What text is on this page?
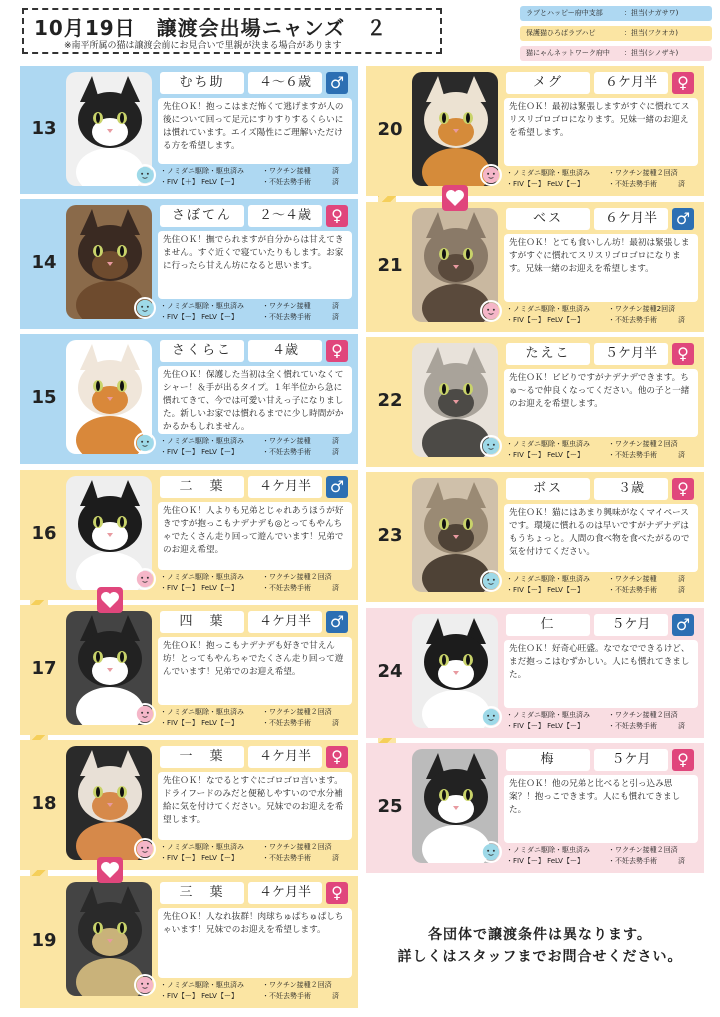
10月19日　譲渡会出場ニャンズ　２
※南平所属の猫は譲渡会前にお見合いで里親が決まる場合があります
ラブとハッピー府中支部	：担当(ナガサワ)
保護猫ひろばラブハピ	：担当(フクオカ)
猫にゃんネットワーク府中 ：担当(シノザキ)
13
むち助	４〜６歳	♂
先住ＯＫ！抱っこはまだ怖くて逃げますが人の後について回って足元にすりすりするくらいには慣れています。エイズ陽性にご理解いただける方を希望します。
・ノミダニ駆除・駆虫済み	・ワクチン接種	済
・FIV【＋】 FeLV【ー】	・不妊去勢手術	済
14
さぼてん	２〜４歳	♀
先住ＯＫ！撫でられますが自分からは甘えてきません。すぐ近くで寝ていたりもします。お家に行ったら甘えん坊になると思います。
・ノミダニ駆除・駆虫済み	・ワクチン接種	済
・FIV【ー】 FeLV【ー】	・不妊去勢手術	済
15
さくらこ	４歳	♀
先住ＯＫ！保護した当初は全く慣れていなくてシャー！＆手が出るタイプ。１年半位から急に慣れてきて、今では可愛い甘えっ子になりました。新しいお家では慣れるまでに少し時間がかかるかもしれません。
・ノミダニ駆除・駆虫済み	・ワクチン接種	済
・FIV【ー】 FeLV【ー】	・不妊去勢手術	済
16
二　葉	４ケ月半	♂
先住ＯＫ！人よりも兄弟とじゃれあうほうが好きですが抱っこもナデナデも◎とってもやんちゃでたくさん走り回って遊んでいます！兄弟でのお迎え希望。
・ノミダニ駆除・駆虫済み	・ワクチン接種２回済
・FIV【ー】 FeLV【ー】	・不妊去勢手術	済
17
四　葉	４ケ月半	♂
先住ＯＫ！抱っこもナデナデも好きで甘えん坊！とってもやんちゃでたくさん走り回って遊んでいます！兄弟でのお迎え希望。
・ノミダニ駆除・駆虫済み	・ワクチン接種２回済
・FIV【ー】 FeLV【ー】	・不妊去勢手術	済
18
一　葉	４ケ月半	♀
先住ＯＫ！なでるとすぐにゴロゴロ言います。ドライフードのみだと便秘しやすいので水分補給に気を付けてください。兄妹でのお迎えを希望します。
・ノミダニ駆除・駆虫済み	・ワクチン接種２回済
・FIV【ー】 FeLV【ー】	・不妊去勢手術	済
19
三　葉	４ケ月半	♀
先住ＯＫ！人なれ抜群！肉球ちゅぱちゅぱしちゃいます！兄妹でのお迎えを希望します。
・ノミダニ駆除・駆虫済み	・ワクチン接種２回済
・FIV【ー】 FeLV【ー】	・不妊去勢手術	済
20
メグ	６ケ月半	♀
先住ＯＫ！最初は緊張しますがすぐに慣れてスリスリゴロゴロになります。兄妹一緒のお迎えを希望します。
・ノミダニ駆除・駆虫済み	・ワクチン接種２回済
・FIV【ー】 FeLV【ー】	・不妊去勢手術	済
21
ベス	６ケ月半	♂
先住ＯＫ！とても食いしん坊！最初は緊張しますがすぐに慣れてスリスリゴロゴロになります。兄妹一緒のお迎えを希望します。
・ノミダニ駆除・駆虫済み	・ワクチン接種2回済
・FIV【ー】 FeLV【ー】	・不妊去勢手術	済
22
たえこ	５ケ月半	♀
先住ＯＫ！ビビりですがナデナデできます。ちゅ〜るで仲良くなってください。他の子と一緒のお迎えを希望します。
・ノミダニ駆除・駆虫済み	・ワクチン接種２回済
・FIV【ー】 FeLV【ー】	・不妊去勢手術	済
23
ボス	３歳	♀
先住ＯＫ！猫にはあまり興味がなくマイペースです。環境に慣れるのは早いですがナデナデはもうちょっと。人間の食べ物を食べたがるので気を付けてください。
・ノミダニ駆除・駆虫済み	・ワクチン接種	済
・FIV【ー】 FeLV【ー】	・不妊去勢手術	済
24
仁	５ケ月	♂
先住ＯＫ！好奇心旺盛。なでなでできるけど、まだ抱っこはむずかしい。人にも慣れてきました。
・ノミダニ駆除・駆虫済み	・ワクチン接種２回済
・FIV【ー】 FeLV【ー】	・不妊去勢手術	済
25
梅	５ケ月	♀
先住ＯＫ！他の兄弟と比べると引っ込み思案？！抱っこできます。人にも慣れてきました。
・ノミダニ駆除・駆虫済み	・ワクチン接種２回済
・FIV【ー】 FeLV【ー】	・不妊去勢手術	済
各団体で譲渡条件は異なります。
詳しくはスタッフまでお問合せください。
